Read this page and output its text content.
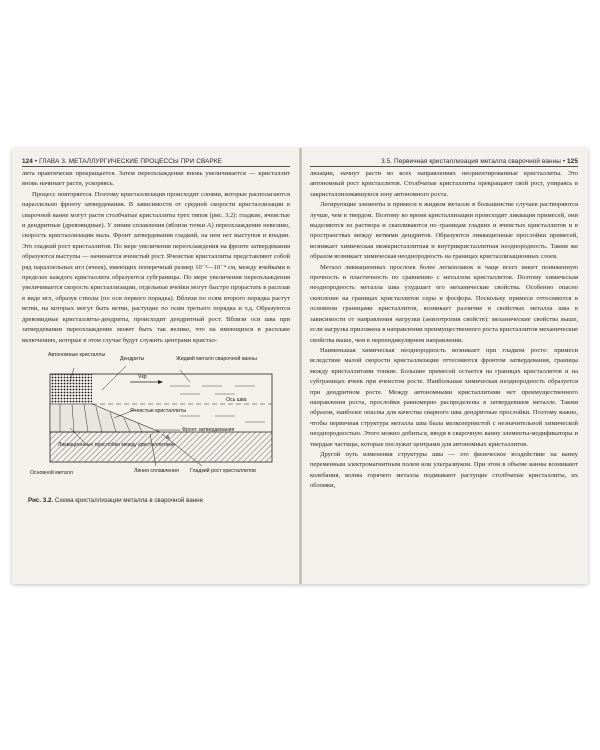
124 • ГЛАВА 3. МЕТАЛЛУРГИЧЕСКИЕ ПРОЦЕССЫ ПРИ СВАРКЕ

лита практически прекращается. Затем переохлаждение вновь увеличивается — кристаллит вновь начинает расти, ускоряясь.

Процесс повторяется. Поэтому кристаллизация происходит слоями, которые располагаются параллельно фронту затвердевания. В зависимости от средней скорости кристаллизации в сварочной ванне могут расти столбчатые кристаллиты трех типов (рис. 3.2): гладкие, ячеистые и дендритные (древовидные). У линии сплавления (вблизи точки А) переохлаждение невелико, скорость кристаллизации мала. Фронт затвердевания гладкий, на нем нет выступов и впадин. Это гладкий рост кристаллитов. По мере увеличения переохлаждения на фронте затвердевания образуются выступы — начинается ячеистый рост. Ячеистые кристаллиты представляют собой ряд параллельных игл (ячеек), имеющих поперечный размер 10⁻³—10⁻⁴ см, между ячейками в пределах каждого кристаллита образуются субграницы. По мере увеличения переохлаждения увеличивается скорость кристаллизации, отдельные ячейки могут быстро прорастать в расплав в виде игл, образуя стволы (по оси первого порядка). Вблизи по осям второго порядка растут ветви, на которых могут быть ветви, растущие по осям третьего порядка и т.д. Образуются древовидные кристаллиты-дендриты, происходит дендритный рост. Вблизи оси шва при затвердевании переохлаждение может быть так велико, что на имеющихся в расплаве включениях, которые в этом случае будут служить центрами кристал-

Автономные кристаллы
Дендриты	Жидкий металл сварочной ванны
Vкр
Ось шва
Ячеистые кристаллиты
Фронт затвердевания
Ликвационные прослойки между кристаллитами
A
Основной металл	Линия сплавления Гладкий рост кристаллитов
Рис. 3.2. Схема кристаллизации металла в сварочной ванне
3.5. Первичная кристаллизация металла сварочной ванны • 125

лизации, начнут расти во всех направлениях неориентированные кристаллиты. Это автономный рост кристаллитов. Столбчатые кристаллиты прекращают свой рост, упираясь в закристаллизовавшуюся зону автономного роста.

Легирующие элементы и примеси в жидком металле в большинстве случаев растворяются лучше, чем в твердом. Поэтому во время кристаллизации происходит ликвация примесей, они выделяются из раствора и скапливаются по границам гладких и ячеистых кристаллитов и в пространствах между ветвями дендритов. Образуются ликвационные прослойки примесей, возникает химическая межкристаллитная и внутрикристаллитная неоднородность. Таким же образом возникает химическая неоднородность на границах кристаллизационных слоев.

Металл ликвационных прослоек более легкоплавок и чаще всего имеет пониженную прочность и пластичность по сравнению с металлом кристаллитов. Поэтому химическая неоднородность металла шва ухудшает его механические свойства. Особенно опасно скопление на границах кристаллитов серы и фосфора. Поскольку примеси оттесняются в основном границами кристаллитов, возникает различие в свойствах металла шва в зависимости от направления нагрузки (анизотропия свойств): механические свойства выше, если нагрузка приложена в направлении преимущественного роста кристаллитов механические свойства выше, чем в перпендикулярном направлении.

Наименьшая химическая неоднородность возникает при гладком росте: примеси вследствие малой скорости кристаллизации оттесняются фронтом затвердевания, границы между кристаллитами тонкие. Большие примесей остается на границах кристаллитов и на субграницах ячеек при ячеистом росте. Наибольшая химическая неоднородность образуется при дендритном росте. Между автономными кристаллитами нет преимущественного направления роста, прослойки равномерно распределены в затвердевшем металле. Таким образом, наиболее опасны для качества сварного шва дендритные прослойки. Поэтому важно, чтобы первичная структура металла шва была мелкозернистой с незначительной химической неоднородностью. Этого можно добиться, вводя в сварочную ванну элементы-модификаторы и твердые частицы, которые послужат центрами для автономных кристаллитов.

Другой путь изменения структуры шва — это физическое воздействие на ванну переменным электромагнитным полем или ультразвуком. При этом в объеме ванны возникают колебания, волны горячего металла подмывают растущие столбчатые кристаллиты, их обломки,
